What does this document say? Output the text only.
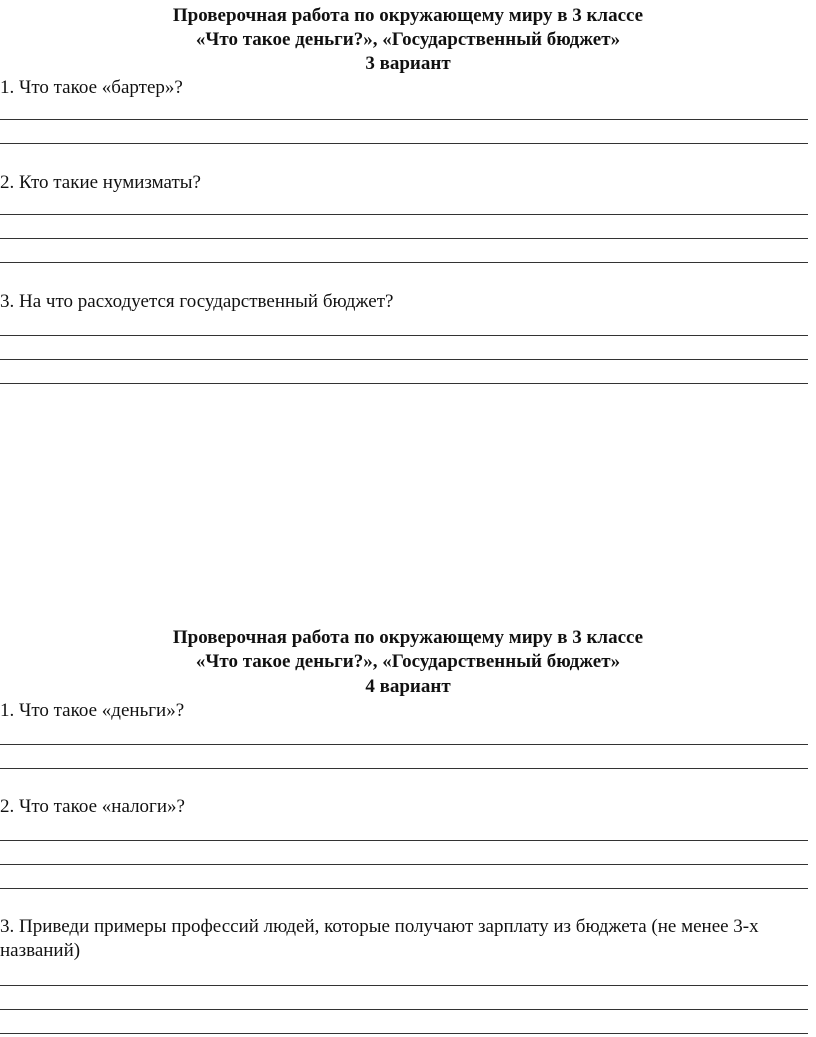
Проверочная работа по окружающему миру в 3 классе
«Что такое деньги?», «Государственный бюджет»
3 вариант

1. Что такое «бартер»?

2. Кто такие нумизматы?

3. На что расходуется государственный бюджет?

Проверочная работа по окружающему миру в 3 классе
«Что такое деньги?», «Государственный бюджет»
4 вариант

1. Что такое «деньги»?

2. Что такое «налоги»?

3. Приведи примеры профессий людей, которые получают зарплату из бюджета (не менее 3-х названий)
